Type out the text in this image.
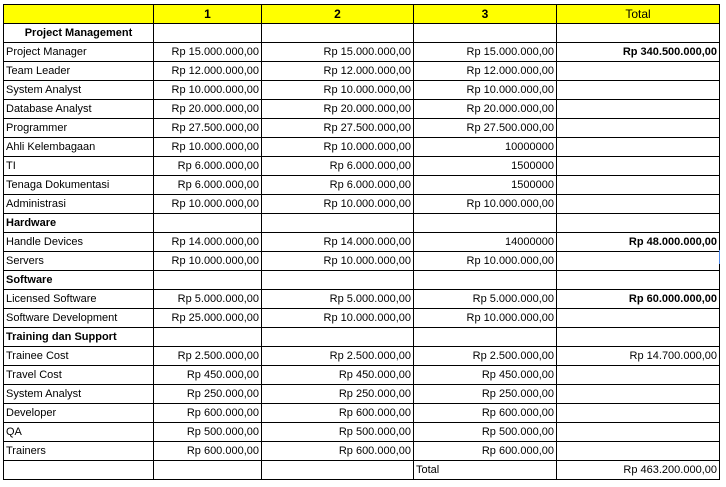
	1	2	3	Total
Project Management				
Project Manager	Rp 15.000.000,00	Rp 15.000.000,00	Rp 15.000.000,00	Rp 340.500.000,00
Team Leader	Rp 12.000.000,00	Rp 12.000.000,00	Rp 12.000.000,00	
System Analyst	Rp 10.000.000,00	Rp 10.000.000,00	Rp 10.000.000,00	
Database Analyst	Rp 20.000.000,00	Rp 20.000.000,00	Rp 20.000.000,00	
Programmer	Rp 27.500.000,00	Rp 27.500.000,00	Rp 27.500.000,00	
Ahli Kelembagaan	Rp 10.000.000,00	Rp 10.000.000,00	10000000	
TI	Rp 6.000.000,00	Rp 6.000.000,00	1500000	
Tenaga Dokumentasi	Rp 6.000.000,00	Rp 6.000.000,00	1500000	
Administrasi	Rp 10.000.000,00	Rp 10.000.000,00	Rp 10.000.000,00	
Hardware				
Handle Devices	Rp 14.000.000,00	Rp 14.000.000,00	14000000	Rp 48.000.000,00
Servers	Rp 10.000.000,00	Rp 10.000.000,00	Rp 10.000.000,00	
Software				
Licensed Software	Rp 5.000.000,00	Rp 5.000.000,00	Rp 5.000.000,00	Rp 60.000.000,00
Software Development	Rp 25.000.000,00	Rp 10.000.000,00	Rp 10.000.000,00	
Training dan Support				
Trainee Cost	Rp 2.500.000,00	Rp 2.500.000,00	Rp 2.500.000,00	Rp 14.700.000,00
Travel Cost	Rp 450.000,00	Rp 450.000,00	Rp 450.000,00	
System Analyst	Rp 250.000,00	Rp 250.000,00	Rp 250.000,00	
Developer	Rp 600.000,00	Rp 600.000,00	Rp 600.000,00	
QA	Rp 500.000,00	Rp 500.000,00	Rp 500.000,00	
Trainers	Rp 600.000,00	Rp 600.000,00	Rp 600.000,00	
			Total	Rp 463.200.000,00
